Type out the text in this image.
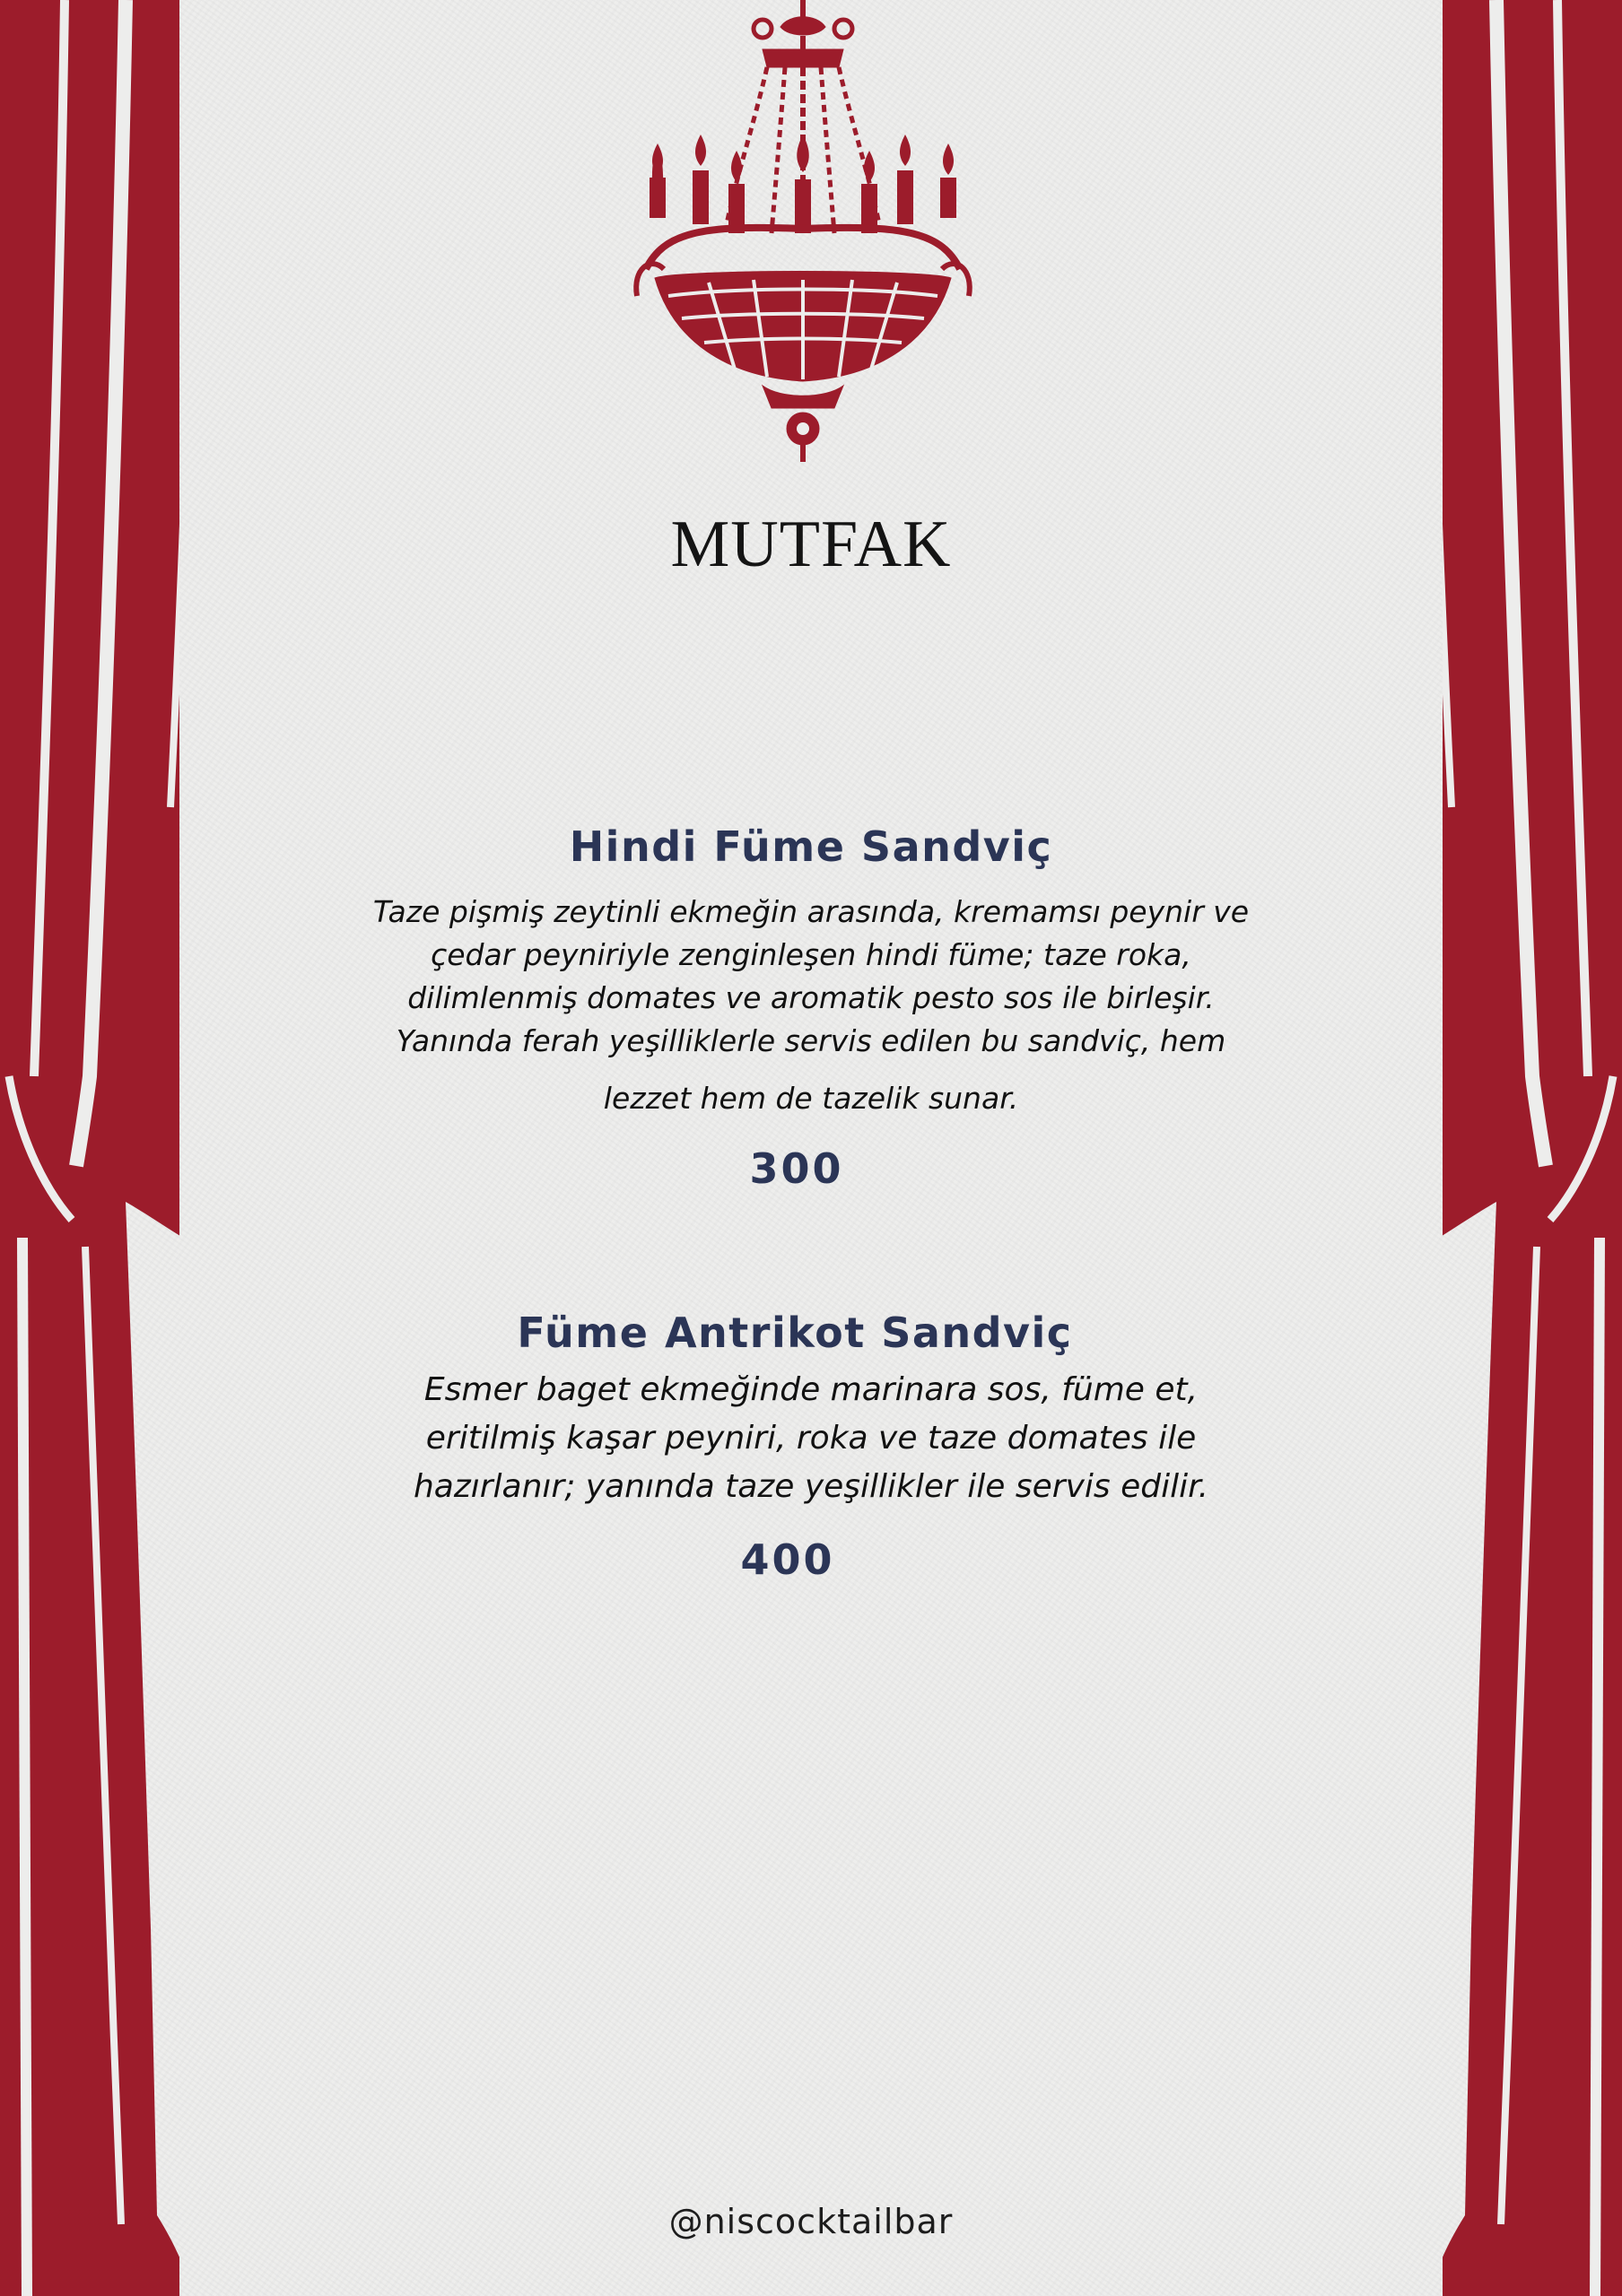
MUTFAK
Hindi Füme Sandviç
Taze pişmiş zeytinli ekmeğin arasında, kremamsı peynir ve
çedar peyniriyle zenginleşen hindi füme; taze roka,
dilimlenmiş domates ve aromatik pesto sos ile birleşir.
Yanında ferah yeşilliklerle servis edilen bu sandviç, hem
lezzet hem de tazelik sunar.
300
Füme Antrikot Sandviç
Esmer baget ekmeğinde marinara sos, füme et,
eritilmiş kaşar peyniri, roka ve taze domates ile
hazırlanır; yanında taze yeşillikler ile servis edilir.
400
@niscocktailbar
